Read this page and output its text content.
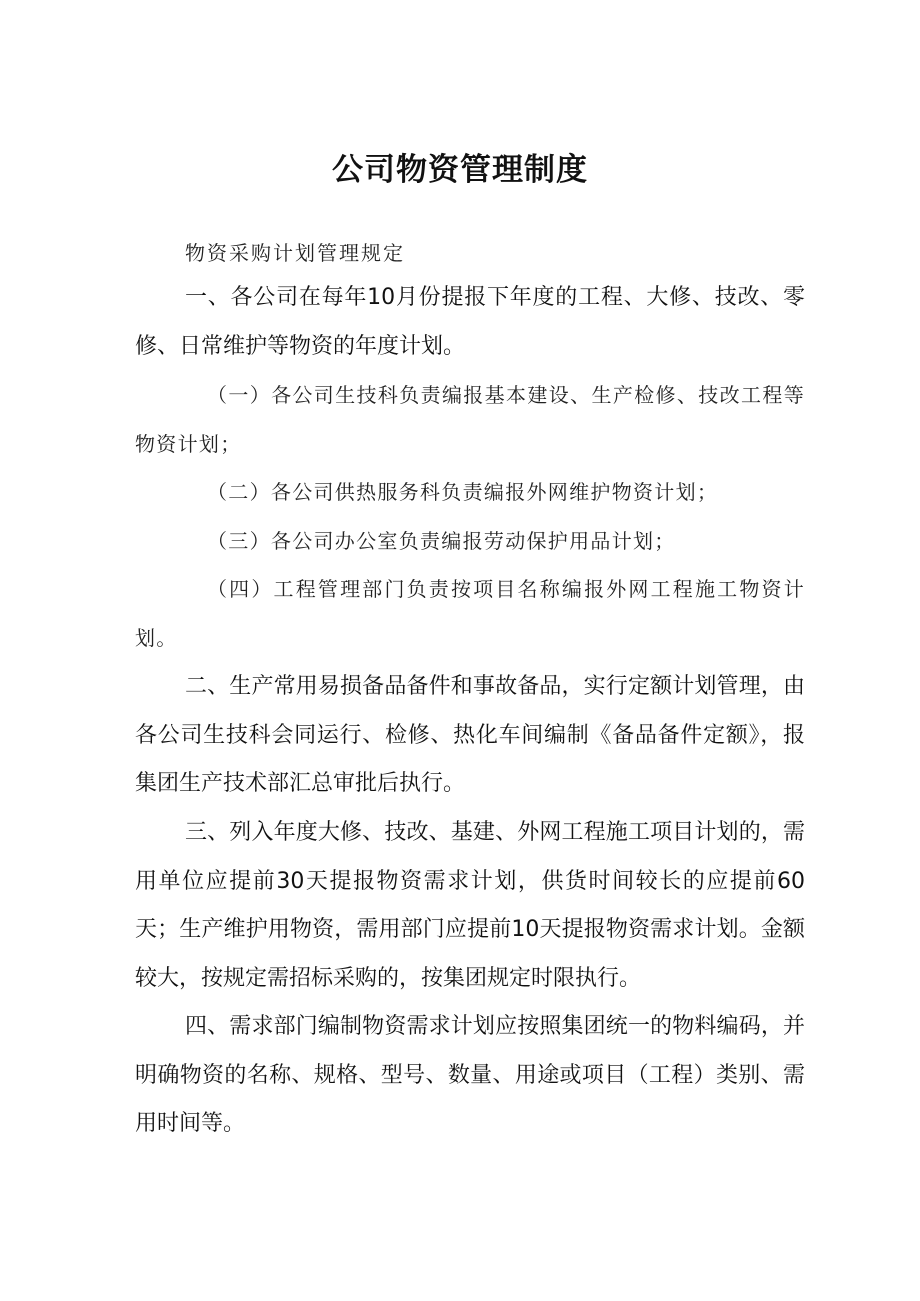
公司物资管理制度

物资采购计划管理规定

一、各公司在每年10月份提报下年度的工程、大修、技改、零修、日常维护等物资的年度计划。

（一）各公司生技科负责编报基本建设、生产检修、技改工程等物资计划；

（二）各公司供热服务科负责编报外网维护物资计划；

（三）各公司办公室负责编报劳动保护用品计划；

（四）工程管理部门负责按项目名称编报外网工程施工物资计划。

二、生产常用易损备品备件和事故备品，实行定额计划管理，由各公司生技科会同运行、检修、热化车间编制《备品备件定额》，报集团生产技术部汇总审批后执行。

三、列入年度大修、技改、基建、外网工程施工项目计划的，需用单位应提前30天提报物资需求计划，供货时间较长的应提前60天；生产维护用物资，需用部门应提前10天提报物资需求计划。金额较大，按规定需招标采购的，按集团规定时限执行。

四、需求部门编制物资需求计划应按照集团统一的物料编码，并明确物资的名称、规格、型号、数量、用途或项目（工程）类别、需用时间等。
